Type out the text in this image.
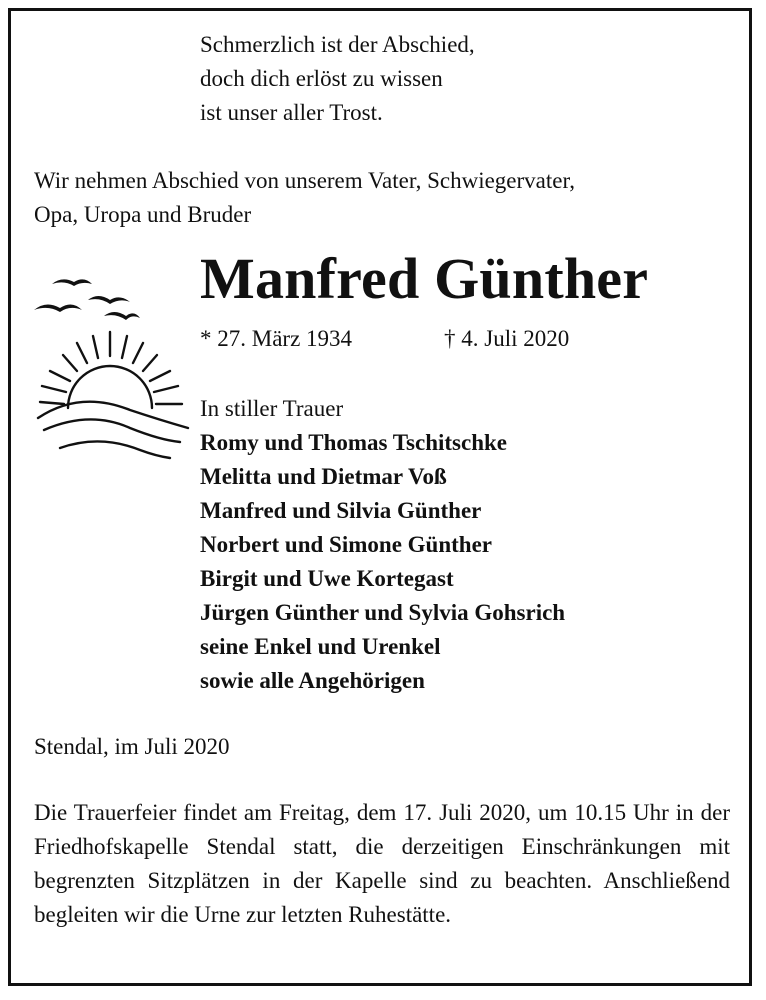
Schmerzlich ist der Abschied,
doch dich erlöst zu wissen
ist unser aller Trost.
Wir nehmen Abschied von unserem Vater, Schwiegervater,
Opa, Uropa und Bruder
Manfred Günther
* 27. März 1934	† 4. Juli 2020
In stiller Trauer
Romy und Thomas Tschitschke
Melitta und Dietmar Voß
Manfred und Silvia Günther
Norbert und Simone Günther
Birgit und Uwe Kortegast
Jürgen Günther und Sylvia Gohsrich
seine Enkel und Urenkel
sowie alle Angehörigen
Stendal, im Juli 2020
Die Trauerfeier findet am Freitag, dem 17. Juli 2020, um 10.15 Uhr in der Friedhofskapelle Stendal statt, die derzeitigen Einschränkungen mit begrenzten Sitzplätzen in der Kapelle sind zu beachten. Anschließend begleiten wir die Urne zur letzten Ruhestätte.
